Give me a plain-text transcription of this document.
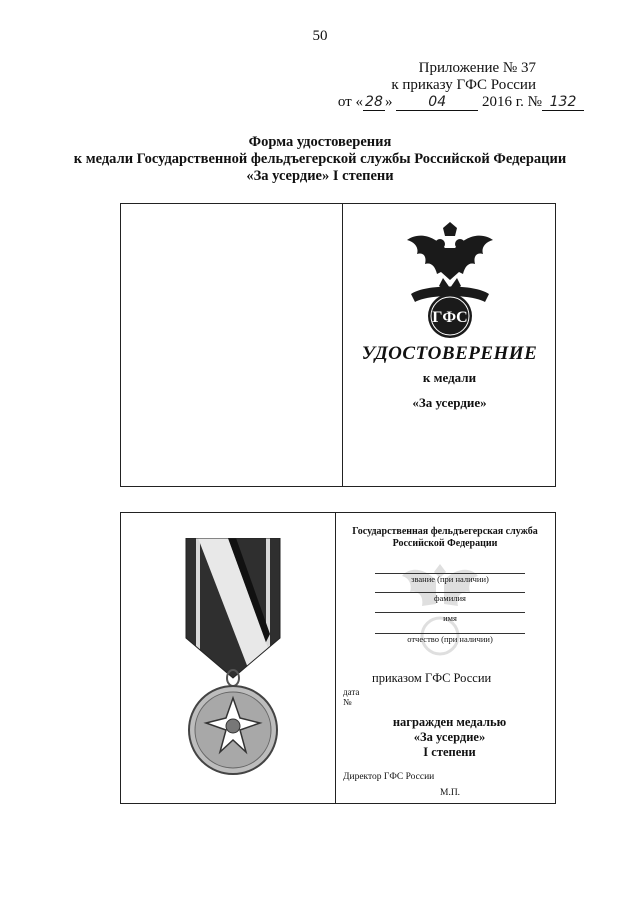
50
Приложение № 37
к приказу ГФС России
от « 28 »	04 2016 г. № 132
Форма удостоверения
к медали Государственной фельдъегерской службы Российской Федерации
«За усердие» I степени
ГФС
УДОСТОВЕРЕНИЕ
к медали
«За усердие»
Государственная фельдъегерская служба
Российской Федерации
звание (при наличии)
фамилия
имя
отчество (при наличии)
приказом ГФС России
дата
№
награжден медалью
«За усердие»
I степени
Директор ГФС России
М.П.
